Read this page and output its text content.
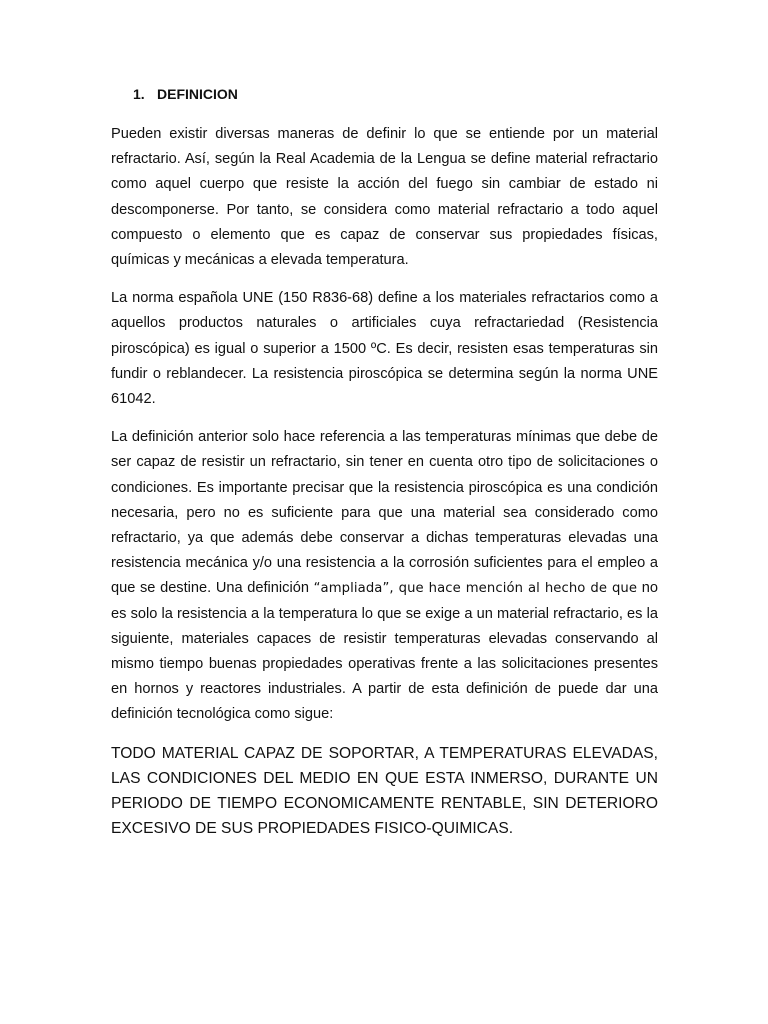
1. DEFINICION

Pueden existir diversas maneras de definir lo que se entiende por un material refractario. Así, según la Real Academia de la Lengua se define material refractario como aquel cuerpo que resiste la acción del fuego sin cambiar de estado ni descomponerse. Por tanto, se considera como material refractario a todo aquel compuesto o elemento que es capaz de conservar sus propiedades físicas, químicas y mecánicas a elevada temperatura.

La norma española UNE (150 R836-68) define a los materiales refractarios como a aquellos productos naturales o artificiales cuya refractariedad (Resistencia piroscópica) es igual o superior a 1500 ºC. Es decir, resisten esas temperaturas sin fundir o reblandecer. La resistencia piroscópica se determina según la norma UNE 61042.

La definición anterior solo hace referencia a las temperaturas mínimas que debe de ser capaz de resistir un refractario, sin tener en cuenta otro tipo de solicitaciones o condiciones. Es importante precisar que la resistencia piroscópica es una condición necesaria, pero no es suficiente para que una material sea considerado como refractario, ya que además debe conservar a dichas temperaturas elevadas una resistencia mecánica y/o una resistencia a la corrosión suficientes para el empleo a que se destine. Una definición “ampliada”, que hace mención al hecho de que no es solo la resistencia a la temperatura lo que se exige a un material refractario, es la siguiente, materiales capaces de resistir temperaturas elevadas conservando al mismo tiempo buenas propiedades operativas frente a las solicitaciones presentes en hornos y reactores industriales. A partir de esta definición de puede dar una definición tecnológica como sigue:

TODO MATERIAL CAPAZ DE SOPORTAR, A TEMPERATURAS ELEVADAS, LAS CONDICIONES DEL MEDIO EN QUE ESTA INMERSO, DURANTE UN PERIODO DE TIEMPO ECONOMICAMENTE RENTABLE, SIN DETERIORO EXCESIVO DE SUS PROPIEDADES FISICO-QUIMICAS.
